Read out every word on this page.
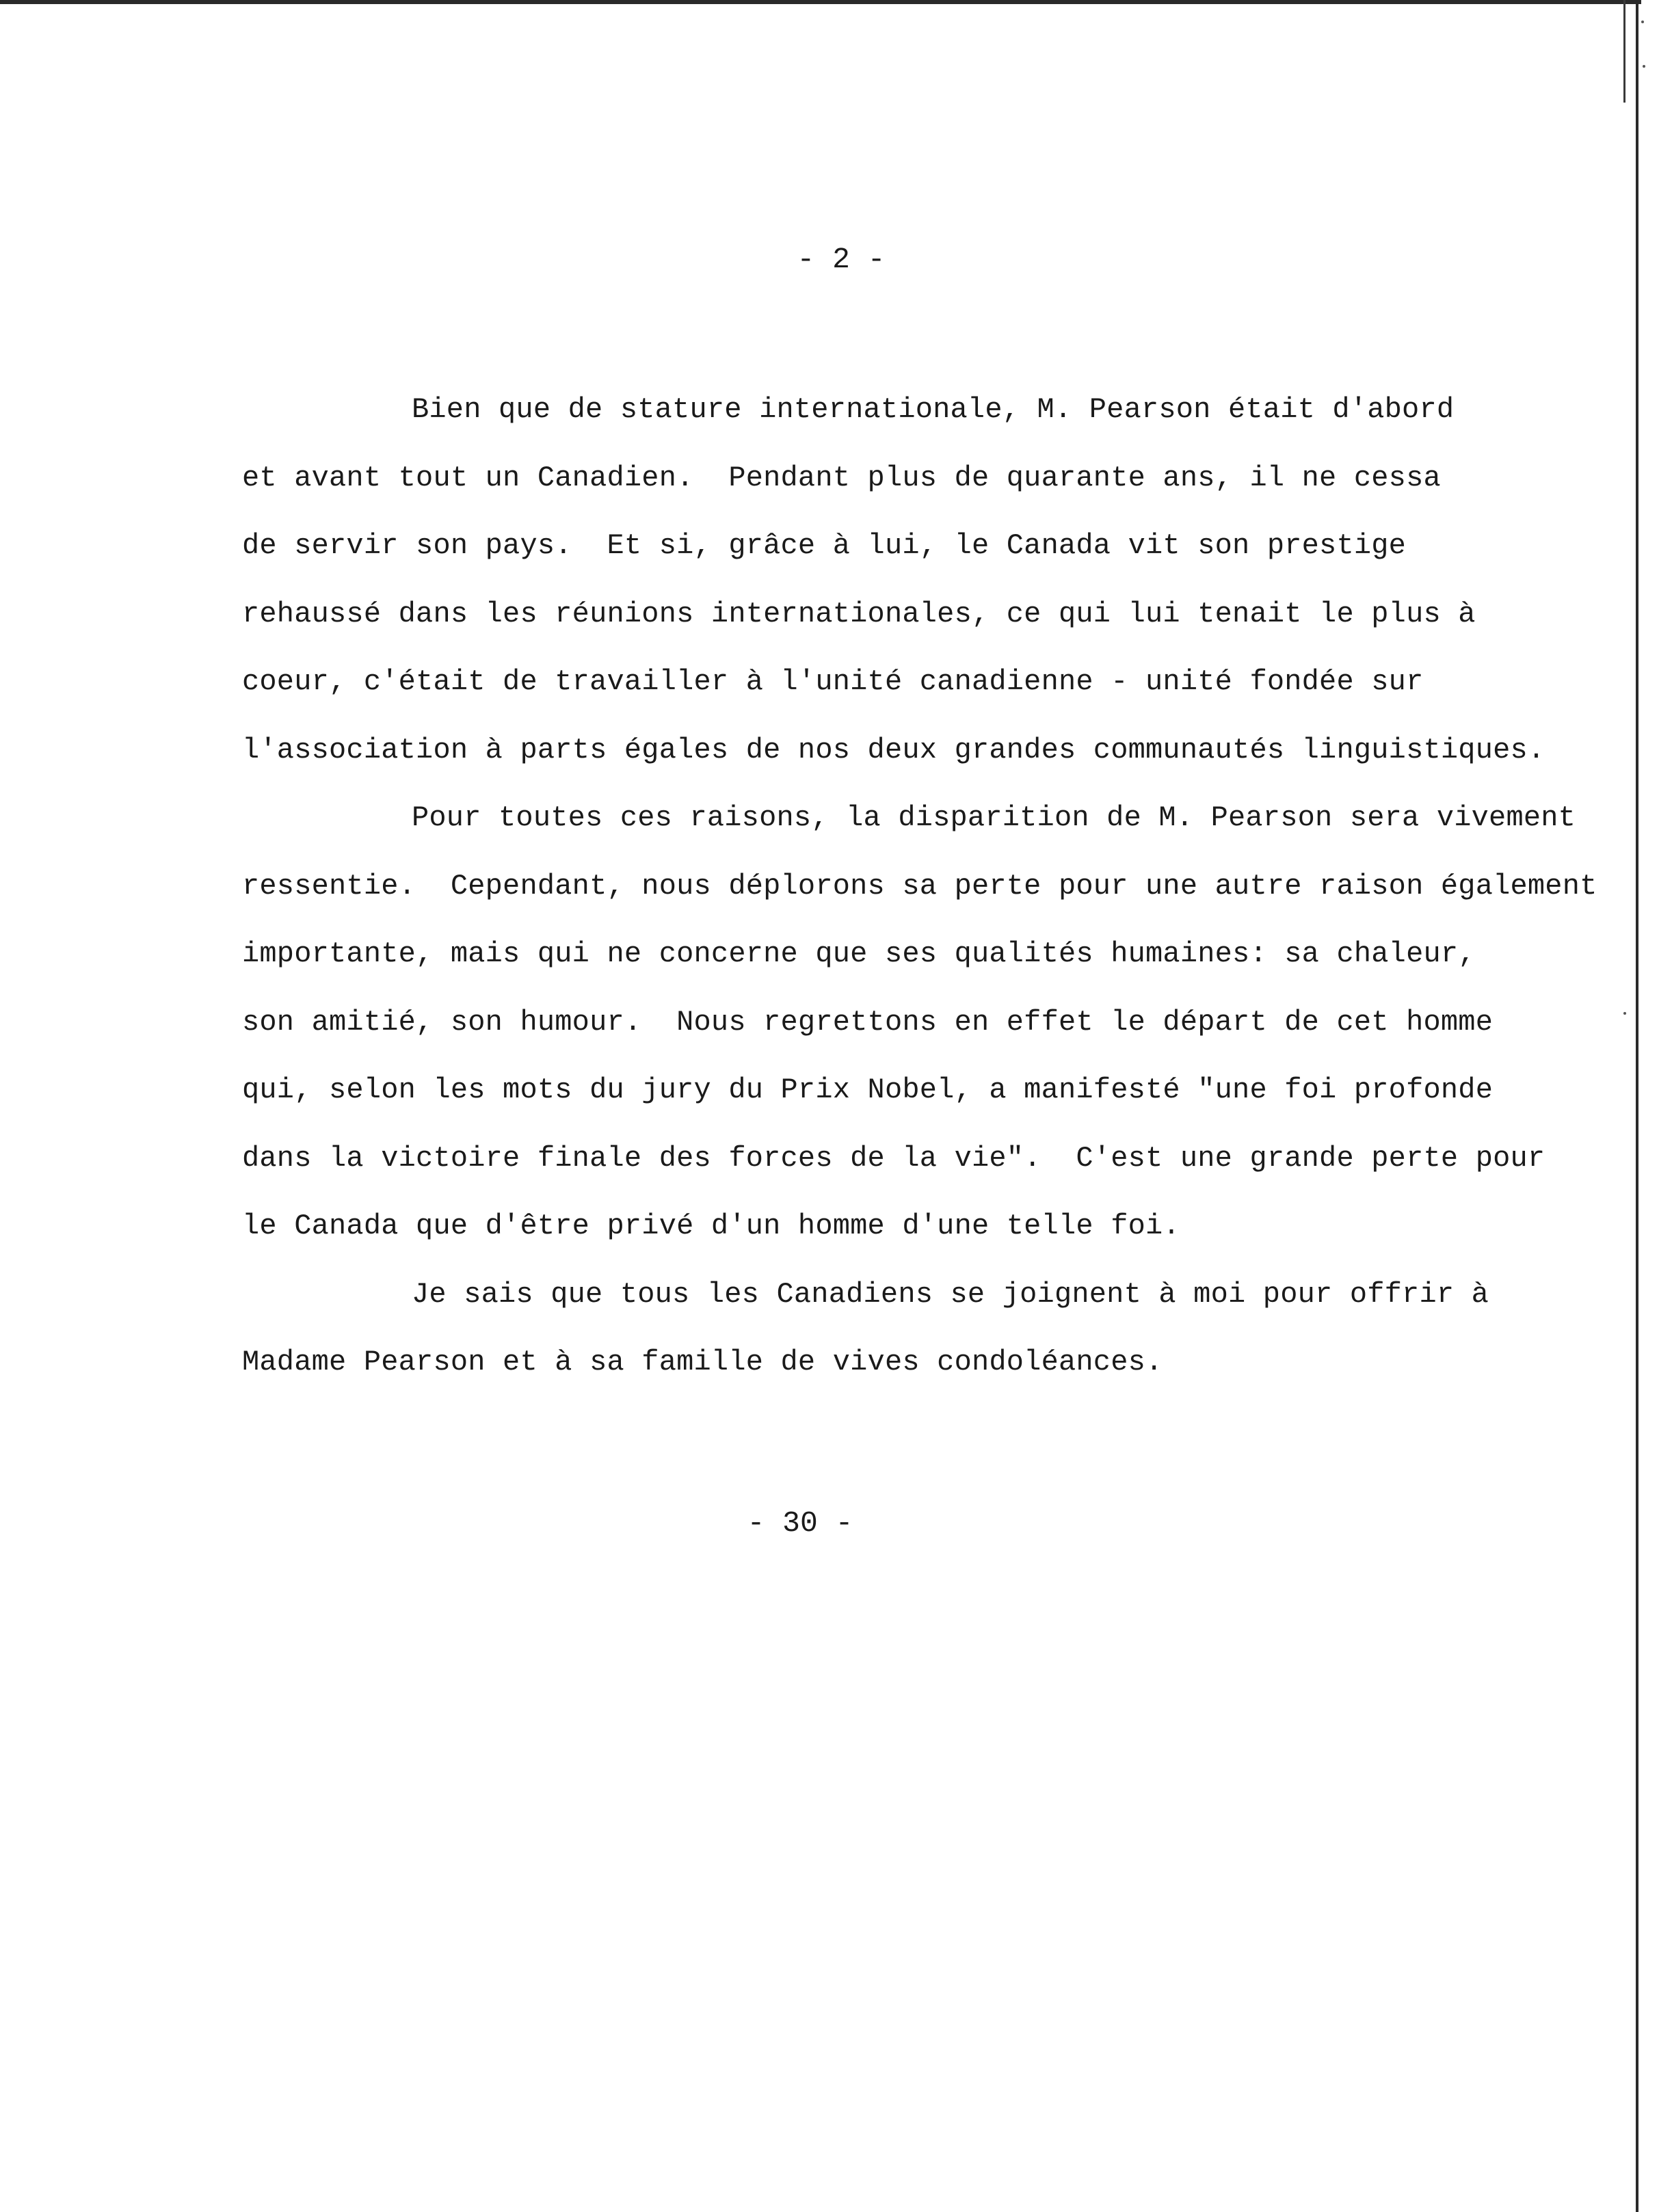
- 2 -
Bien que de stature internationale, M. Pearson était d'abord
et avant tout un Canadien.  Pendant plus de quarante ans, il ne cessa
de servir son pays.  Et si, grâce à lui, le Canada vit son prestige
rehaussé dans les réunions internationales, ce qui lui tenait le plus à
coeur, c'était de travailler à l'unité canadienne - unité fondée sur
l'association à parts égales de nos deux grandes communautés linguistiques.
Pour toutes ces raisons, la disparition de M. Pearson sera vivement
ressentie.  Cependant, nous déplorons sa perte pour une autre raison également
importante, mais qui ne concerne que ses qualités humaines: sa chaleur,
son amitié, son humour.  Nous regrettons en effet le départ de cet homme
qui, selon les mots du jury du Prix Nobel, a manifesté "une foi profonde
dans la victoire finale des forces de la vie".  C'est une grande perte pour
le Canada que d'être privé d'un homme d'une telle foi.
Je sais que tous les Canadiens se joignent à moi pour offrir à
Madame Pearson et à sa famille de vives condoléances.
- 30 -
